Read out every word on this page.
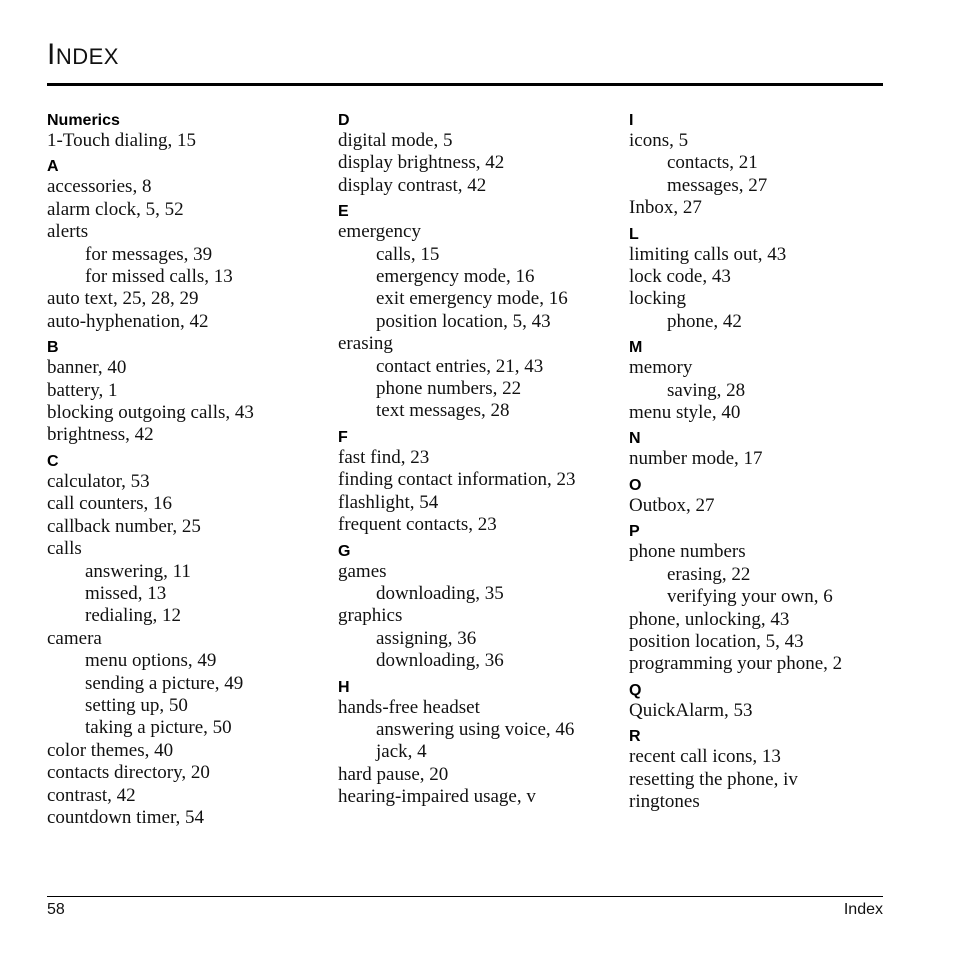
INDEX
Numerics
1-Touch dialing, 15
A
accessories, 8
alarm clock, 5, 52
alerts
for messages, 39
for missed calls, 13
auto text, 25, 28, 29
auto-hyphenation, 42
B
banner, 40
battery, 1
blocking outgoing calls, 43
brightness, 42
C
calculator, 53
call counters, 16
callback number, 25
calls
answering, 11
missed, 13
redialing, 12
camera
menu options, 49
sending a picture, 49
setting up, 50
taking a picture, 50
color themes, 40
contacts directory, 20
contrast, 42
countdown timer, 54
D
digital mode, 5
display brightness, 42
display contrast, 42
E
emergency
calls, 15
emergency mode, 16
exit emergency mode, 16
position location, 5, 43
erasing
contact entries, 21, 43
phone numbers, 22
text messages, 28
F
fast find, 23
finding contact information, 23
flashlight, 54
frequent contacts, 23
G
games
downloading, 35
graphics
assigning, 36
downloading, 36
H
hands-free headset
answering using voice, 46
jack, 4
hard pause, 20
hearing-impaired usage, v
I
icons, 5
contacts, 21
messages, 27
Inbox, 27
L
limiting calls out, 43
lock code, 43
locking
phone, 42
M
memory
saving, 28
menu style, 40
N
number mode, 17
O
Outbox, 27
P
phone numbers
erasing, 22
verifying your own, 6
phone, unlocking, 43
position location, 5, 43
programming your phone, 2
Q
QuickAlarm, 53
R
recent call icons, 13
resetting the phone, iv
ringtones
58	Index
